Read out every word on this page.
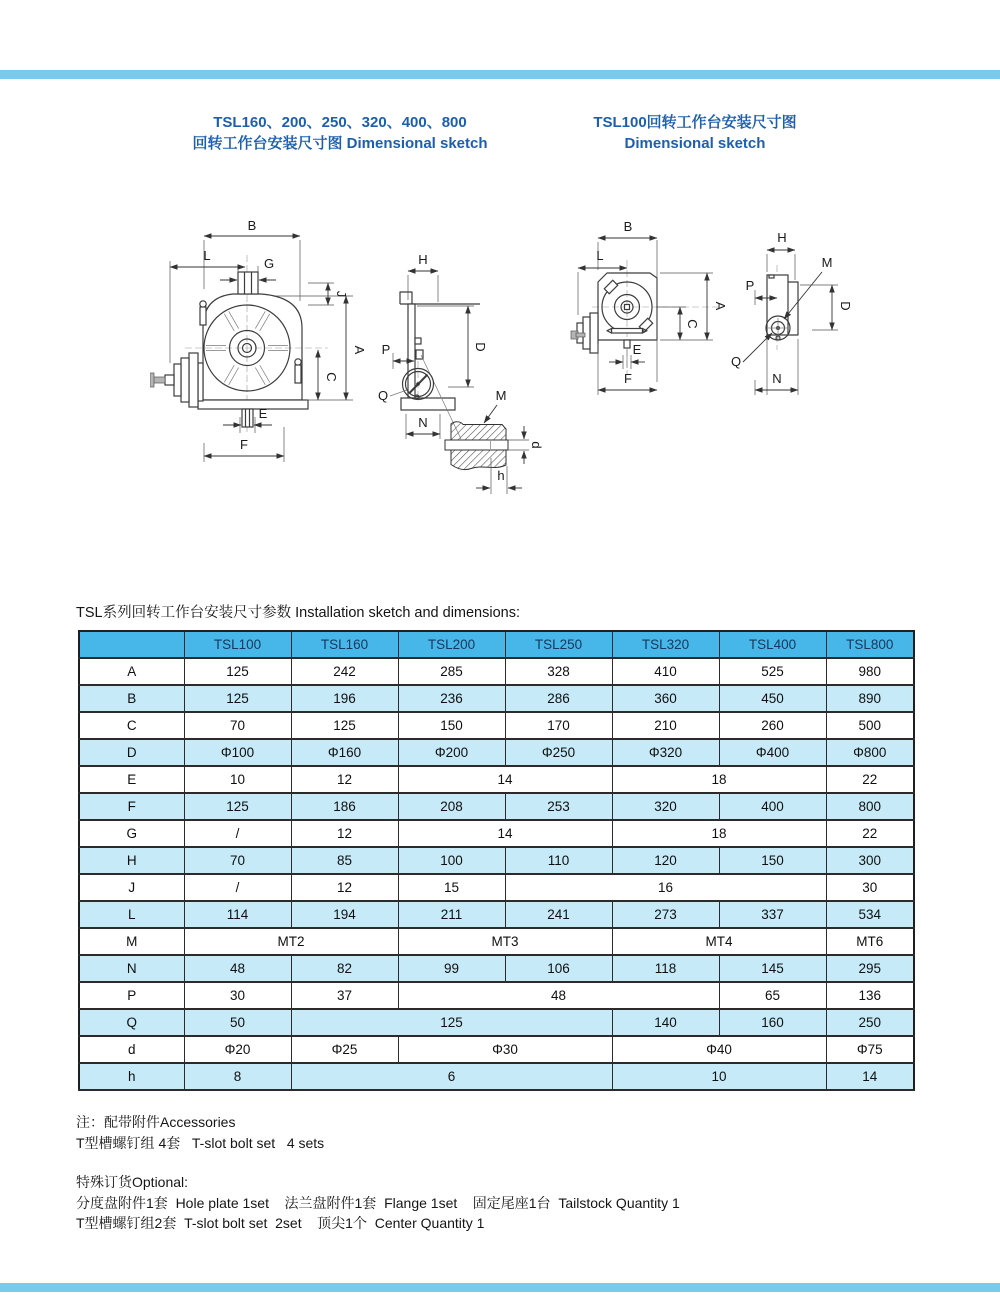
TSL160、200、250、320、400、800
回转工作台安装尺寸图 Dimensional sketch
TSL100回转工作台安装尺寸图
Dimensional sketch
B
L
G
J
A
C
E
F
H
P	D
Q
N
M
d
h
B
L
A
C
E
F
H
M
P
D
Q
N
TSL系列回转工作台安装尺寸参数 Installation sketch and dimensions:
	TSL100	TSL160	TSL200	TSL250	TSL320	TSL400	TSL800
A	125	242	285	328	410	525	980
B	125	196	236	286	360	450	890
C	70	125	150	170	210	260	500
D	Φ100	Φ160	Φ200	Φ250	Φ320	Φ400	Φ800
E	10	12	14		18		22
F	125	186	208	253	320	400	800
G	/	12	14		18		22
H	70	85	100	110	120	150	300
J	/	12	15	16			30
L	114	194	211	241	273	337	534
M	MT2		MT3		MT4		MT6
N	48	82	99	106	118	145	295
P	30	37	48			65	136
Q	50	125			140	160	250
d	Φ20	Φ25	Φ30		Φ40		Φ75
h	8	6			10		14
注：配带附件Accessories
T型槽螺钉组 4套   T-slot bolt set   4 sets
特殊订货Optional:
分度盘附件1套  Hole plate 1set    法兰盘附件1套  Flange 1set    固定尾座1台  Tailstock Quantity 1
T型槽螺钉组2套  T-slot bolt set  2set    顶尖1个  Center Quantity 1
